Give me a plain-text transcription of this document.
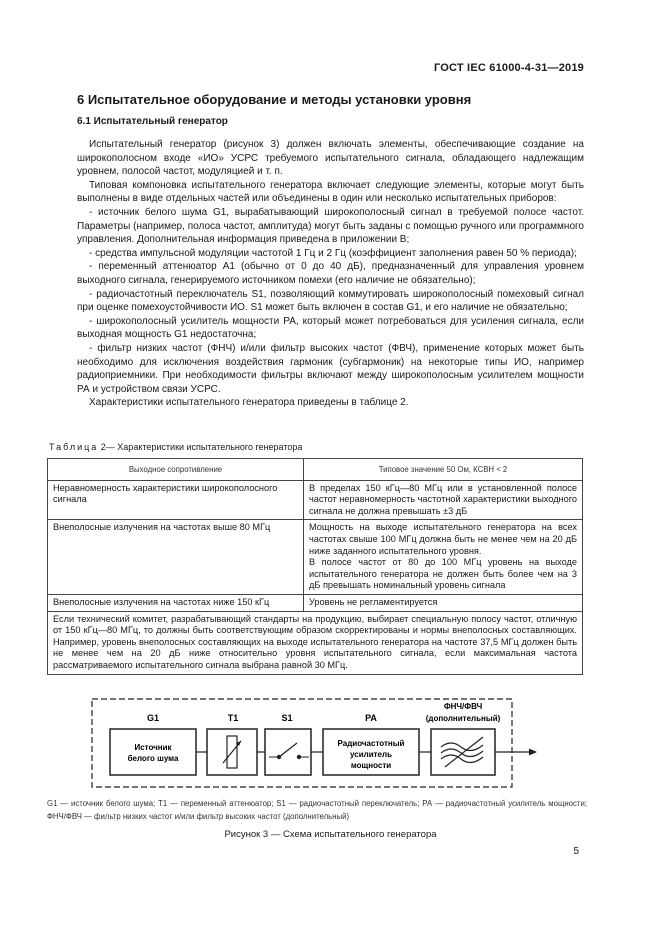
ГОСТ IEC 61000-4-31—2019
6 Испытательное оборудование и методы установки уровня
6.1 Испытательный генератор

Испытательный генератор (рисунок 3) должен включать элементы, обеспечивающие создание на широкополосном входе «ИО» УСРС требуемого испытательного сигнала, обладающего надлежащим уровнем, полосой частот, модуляцией и т. п.

Типовая компоновка испытательного генератора включает следующие элементы, которые могут быть выполнены в виде отдельных частей или объединены в один или несколько испытательных приборов:

- источник белого шума G1, вырабатывающий широкополосный сигнал в требуемой полосе частот. Параметры (например, полоса частот, амплитуда) могут быть заданы с помощью ручного или программного управления. Дополнительная информация приведена в приложении В;

- средства импульсной модуляции частотой 1 Гц и 2 Гц (коэффициент заполнения равен 50 % периода);

- переменный аттенюатор A1 (обычно от 0 до 40 дБ), предназначенный для управления уровнем выходного сигнала, генерируемого источником помехи (его наличие не обязательно);

- радиочастотный переключатель S1, позволяющий коммутировать широкополосный помеховый сигнал при оценке помехоустойчивости ИО. S1 может быть включен в состав G1, и его наличие не обязательно;

- широкополосный усилитель мощности РА, который может потребоваться для усиления сигнала, если выходная мощность G1 недостаточна;

- фильтр низких частот (ФНЧ) и/или фильтр высоких частот (ФВЧ), применение которых может быть необходимо для исключения воздействия гармоник (субгармоник) на некоторые типы ИО, например радиоприемники. При необходимости фильтры включают между широкополосным усилителем мощности РА и устройством связи УСРС.

Характеристики испытательного генератора приведены в таблице 2.

Таблица 2— Характеристики испытательного генератора
Выходное сопротивление	Типовое значение 50 Ом, КСВН < 2
Неравномерность характеристики широкополосного сигнала	В пределах 150 кГц—80 МГц или в установленной полосе частот неравномерность частотной характеристики выходного сигнала не должна превышать ±3 дБ
Внеполосные излучения на частотах выше 80 МГц	Мощность на выходе испытательного генератора на всех частотах свыше 100 МГц должна быть не менее чем на 20 дБ ниже заданного испытательного уровня.
В полосе частот от 80 до 100 МГц уровень на выходе испытательного генератора не должен быть более чем на 3 дБ превышать номинальный уровень сигнала

Внеполосные излучения на частотах ниже 150 кГц	Уровень не регламентируется
Если технический комитет, разрабатывающий стандарты на продукцию, выбирает специальную полосу частот, отличную от 150 кГц—80 МГц, то должны быть соответствующим образом скорректированы и нормы внеполосных составляющих. Например, уровень внеполосных составляющих на выходе испытательного генератора на частоте 37,5 МГц должен быть не менее чем на 20 дБ ниже относительно уровня испытательного сигнала, если максимальная частота рассматриваемого испытательного сигнала выбрана равной 30 МГц.	
G1	T1	S1	PA
ФНЧ/ФВЧ
(дополнительный)
Источник
белого шума
Радиочастотный
усилитель
мощности
G1 — источник белого шума; Т1 — переменный аттенюатор; S1 — радиочастотный переключатель; РА — радиочастотный усилитель мощности; ФНЧ/ФВЧ — фильтр низких частот и/или фильтр высоких частот (дополнительный)
Рисунок 3 — Схема испытательного генератора
5
